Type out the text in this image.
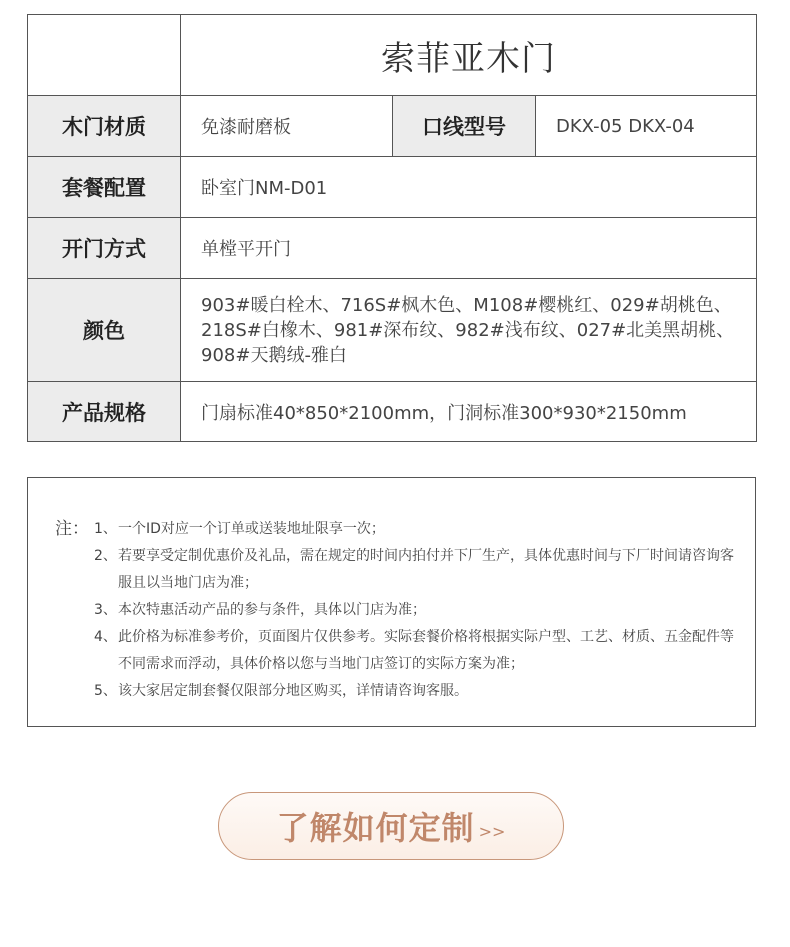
	索菲亚木门		
木门材质	免漆耐磨板	口线型号	DKX-05 DKX-04
套餐配置	卧室门NM-D01		
开门方式	单樘平开门		
颜色	903#暖白栓木、716S#枫木色、M108#樱桃红、029#胡桃色、218S#白橡木、981#深布纹、982#浅布纹、027#北美黑胡桃、908#天鹅绒-雅白		
产品规格	门扇标准40*850*2100mm，门洞标准300*930*2150mm		
注： 1、一个ID对应一个订单或送装地址限享一次；
2、若要享受定制优惠价及礼品，需在规定的时间内拍付并下厂生产，具体优惠时间与下厂时间请咨询客服且以当地门店为准；
3、本次特惠活动产品的参与条件，具体以门店为准；
4、此价格为标准参考价，页面图片仅供参考。实际套餐价格将根据实际户型、工艺、材质、五金配件等不同需求而浮动，具体价格以您与当地门店签订的实际方案为准；
5、该大家居定制套餐仅限部分地区购买，详情请咨询客服。
了解如何定制 >>
